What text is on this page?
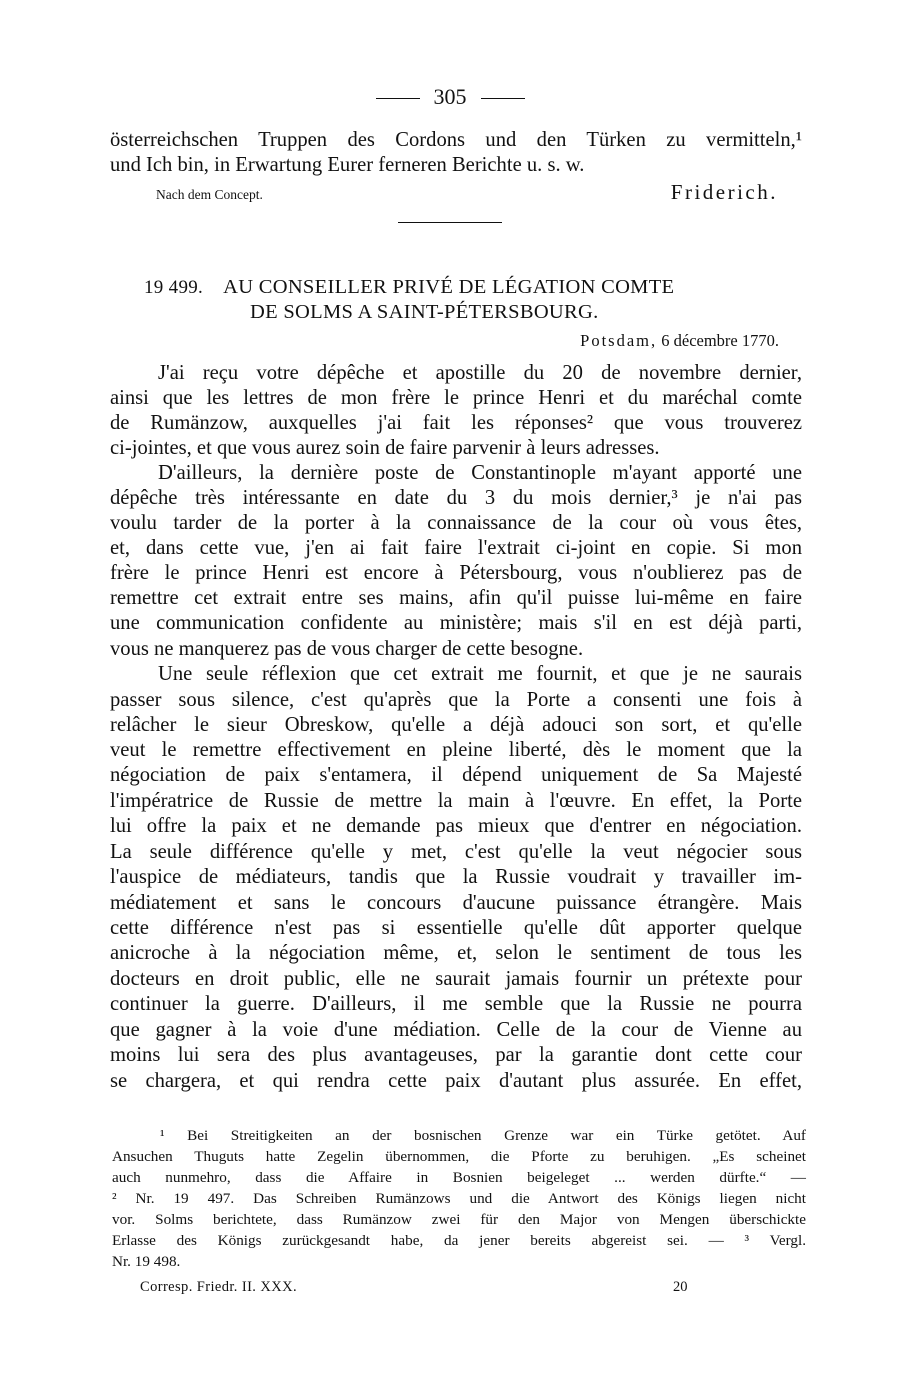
305
österreichschen Truppen des Cordons und den Türken zu vermitteln,¹
und Ich bin, in Erwartung Eurer ferneren Berichte u. s. w.
Nach dem Concept.	Friderich.
19 499. AU CONSEILLER PRIVÉ DE LÉGATION COMTE
DE SOLMS A SAINT-PÉTERSBOURG.
Potsdam, 6 décembre 1770.
J'ai reçu votre dépêche et apostille du 20 de novembre dernier,
ainsi que les lettres de mon frère le prince Henri et du maréchal comte
de Rumänzow, auxquelles j'ai fait les réponses² que vous trouverez
ci-jointes, et que vous aurez soin de faire parvenir à leurs adresses.
D'ailleurs, la dernière poste de Constantinople m'ayant apporté une
dépêche très intéressante en date du 3 du mois dernier,³ je n'ai pas
voulu tarder de la porter à la connaissance de la cour où vous êtes,
et, dans cette vue, j'en ai fait faire l'extrait ci-joint en copie. Si mon
frère le prince Henri est encore à Pétersbourg, vous n'oublierez pas de
remettre cet extrait entre ses mains, afin qu'il puisse lui-même en faire
une communication confidente au ministère; mais s'il en est déjà parti,
vous ne manquerez pas de vous charger de cette besogne.
Une seule réflexion que cet extrait me fournit, et que je ne saurais
passer sous silence, c'est qu'après que la Porte a consenti une fois à
relâcher le sieur Obreskow, qu'elle a déjà adouci son sort, et qu'elle
veut le remettre effectivement en pleine liberté, dès le moment que la
négociation de paix s'entamera, il dépend uniquement de Sa Majesté
l'impératrice de Russie de mettre la main à l'œuvre. En effet, la Porte
lui offre la paix et ne demande pas mieux que d'entrer en négociation.
La seule différence qu'elle y met, c'est qu'elle la veut négocier sous
l'auspice de médiateurs, tandis que la Russie voudrait y travailler im-
médiatement et sans le concours d'aucune puissance étrangère. Mais
cette différence n'est pas si essentielle qu'elle dût apporter quelque
anicroche à la négociation même, et, selon le sentiment de tous les
docteurs en droit public, elle ne saurait jamais fournir un prétexte pour
continuer la guerre. D'ailleurs, il me semble que la Russie ne pourra
que gagner à la voie d'une médiation. Celle de la cour de Vienne au
moins lui sera des plus avantageuses, par la garantie dont cette cour
se chargera, et qui rendra cette paix d'autant plus assurée. En effet,
¹ Bei Streitigkeiten an der bosnischen Grenze war ein Türke getötet. Auf
Ansuchen Thuguts hatte Zegelin übernommen, die Pforte zu beruhigen. „Es scheinet
auch nunmehro, dass die Affaire in Bosnien beigeleget ... werden dürfte.“ —
² Nr. 19 497. Das Schreiben Rumänzows und die Antwort des Königs liegen nicht
vor. Solms berichtete, dass Rumänzow zwei für den Major von Mengen überschickte
Erlasse des Königs zurückgesandt habe, da jener bereits abgereist sei. — ³ Vergl.
Nr. 19 498.
Corresp. Friedr. II. XXX.	20
